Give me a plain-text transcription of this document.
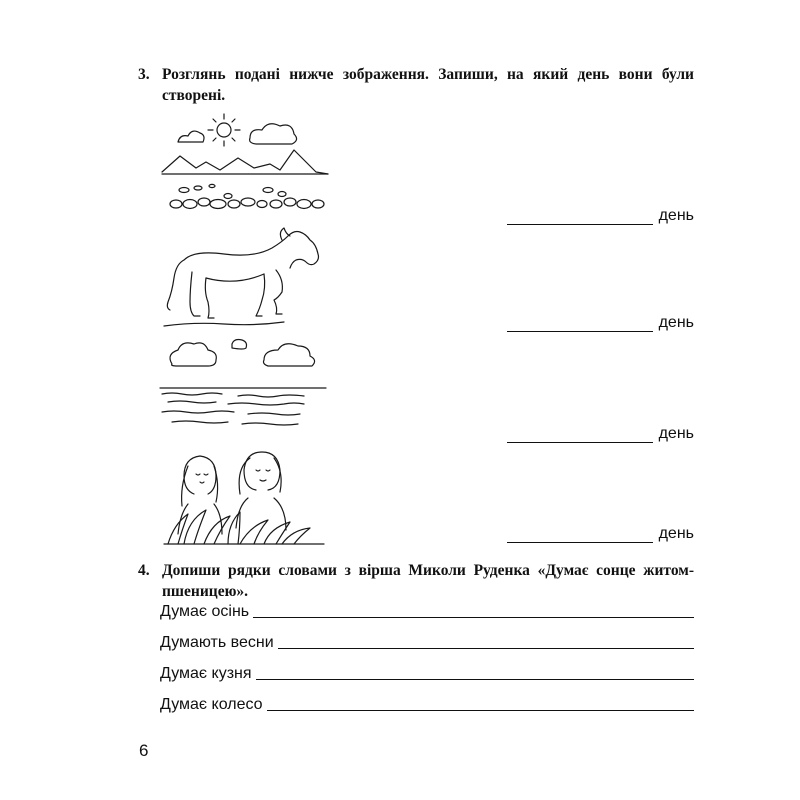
3. Розглянь подані нижче зображення. Запиши, на який день вони були створені.
день
день
день
день
4. Допиши рядки словами з вірша Миколи Руденка «Думає сонце житом-пшеницею».
Думає осінь
Думають весни
Думає кузня
Думає колесо
6
